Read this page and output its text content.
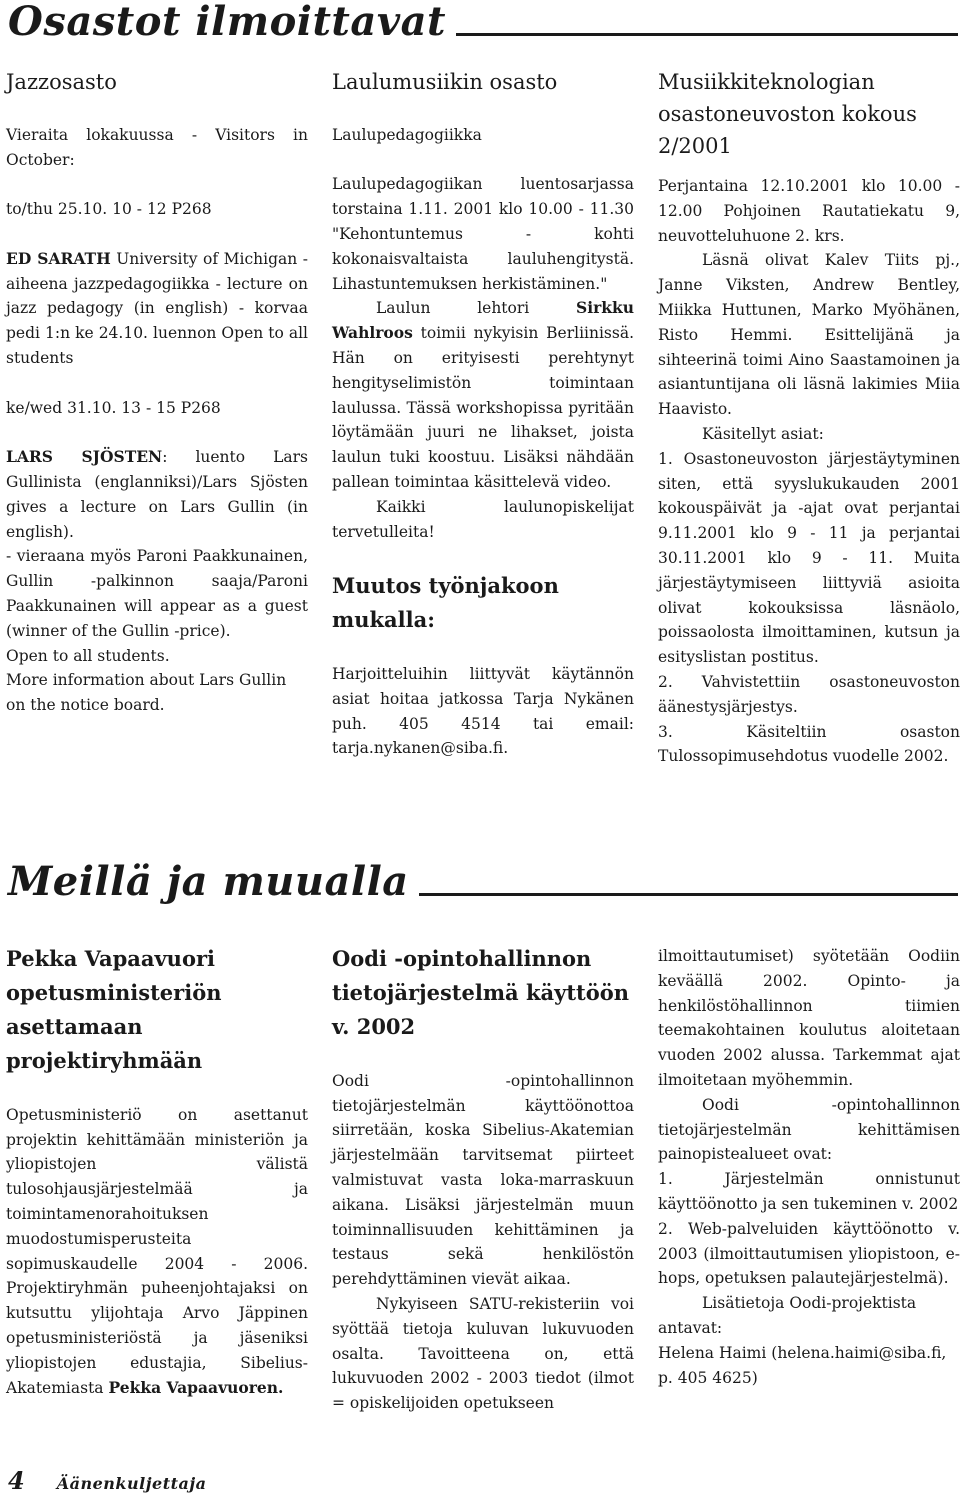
Osastot ilmoittavat
Jazzosasto

Vieraita lokakuussa - Visitors in October:

to/thu 25.10. 10 - 12 P268

ED SARATH University of Michigan - aiheena jazzpedagogiikka - lecture on jazz pedagogy (in english) - korvaa pedi 1:n ke 24.10. luennon Open to all students

ke/wed 31.10. 13 - 15 P268

LARS SJÖSTEN: luento Lars Gullinista (englanniksi)/Lars Sjösten gives a lecture on Lars Gullin (in english).

- vieraana myös Paroni Paakkunainen, Gullin -palkinnon saaja/Paroni Paakkunainen will appear as a guest (winner of the Gullin -price).

Open to all students.

More information about Lars Gullin on the notice board.

Laulumusiikin osasto

Laulupedagogiikka

Laulupedagogiikan luentosarjassa torstaina 1.11. 2001 klo 10.00 - 11.30 "Kehontuntemus - kohti kokonaisvaltaista lauluhengitystä. Lihastuntemuksen herkistäminen."

Laulun lehtori Sirkku Wahlroos toimii nykyisin Berliinissä. Hän on erityisesti perehtynyt hengityselimistön toimintaan laulussa. Tässä workshopissa pyritään löytämään juuri ne lihakset, joista laulun tuki koostuu. Lisäksi nähdään pallean toimintaa käsittelevä video.

Kaikki laulunopiskelijat tervetulleita!

Muutos työnjakoon mukalla:

Harjoitteluihin liittyvät käytännön asiat hoitaa jatkossa Tarja Nykänen puh. 405 4514 tai email: tarja.nykanen@siba.fi.

Musiikkiteknologian osastoneuvoston kokous 2/2001

Perjantaina 12.10.2001 klo 10.00 - 12.00 Pohjoinen Rautatiekatu 9, neuvotteluhuone 2. krs.

Läsnä olivat Kalev Tiits pj., Janne Viksten, Andrew Bentley, Miikka Huttunen, Marko Myöhänen, Risto Hemmi. Esittelijänä ja sihteerinä toimi Aino Saastamoinen ja asiantuntijana oli läsnä lakimies Miia Haavisto.

Käsitellyt asiat:

1. Osastoneuvoston järjestäytyminen siten, että syyslukukauden 2001 kokouspäivät ja -ajat ovat perjantai 9.11.2001 klo 9 - 11 ja perjantai 30.11.2001 klo 9 - 11. Muita järjestäytymiseen liittyviä asioita olivat kokouksissa läsnäolo, poissaolosta ilmoittaminen, kutsun ja esityslistan postitus.

2. Vahvistettiin osastoneuvoston äänestysjärjestys.

3. Käsiteltiin osaston Tulossopimusehdotus vuodelle 2002.

Meillä ja muualla
Pekka Vapaavuori opetusministeriön asettamaan projektiryhmään

Opetusministeriö on asettanut projektin kehittämään ministeriön ja yliopistojen välistä tulosohjausjärjestelmää ja toimintamenorahoituksen muodostumisperusteita sopimuskaudelle 2004 - 2006. Projektiryhmän puheenjohtajaksi on kutsuttu ylijohtaja Arvo Jäppinen opetusministeriöstä ja jäseniksi yliopistojen edustajia, Sibelius-Akatemiasta Pekka Vapaavuoren.

Oodi -opintohallinnon tietojärjestelmä käyttöön v. 2002

Oodi -opintohallinnon tietojärjestelmän käyttöönottoa siirretään, koska Sibelius-Akatemian järjestelmään tarvitsemat piirteet valmistuvat vasta loka-marraskuun aikana. Lisäksi järjestelmän muun toiminnallisuuden kehittäminen ja testaus sekä henkilöstön perehdyttäminen vievät aikaa.

Nykyiseen SATU-rekisteriin voi syöttää tietoja kuluvan lukuvuoden osalta. Tavoitteena on, että lukuvuoden 2002 - 2003 tiedot (ilmot = opiskelijoiden opetukseen

ilmoittautumiset) syötetään Oodiin keväällä 2002. Opinto- ja henkilöstöhallinnon tiimien teemakohtainen koulutus aloitetaan vuoden 2002 alussa. Tarkemmat ajat ilmoitetaan myöhemmin.

Oodi -opintohallinnon tietojärjestelmän kehittämisen painopistealueet ovat:

1. Järjestelmän onnistunut käyttöönotto ja sen tukeminen v. 2002

2. Web-palveluiden käyttöönotto v. 2003 (ilmoittautumisen yliopistoon, e-hops, opetuksen palautejärjestelmä).

Lisätietoja Oodi-projektista antavat:

Helena Haimi (helena.haimi@siba.fi, p. 405 4625)

4 Äänenkuljettaja
